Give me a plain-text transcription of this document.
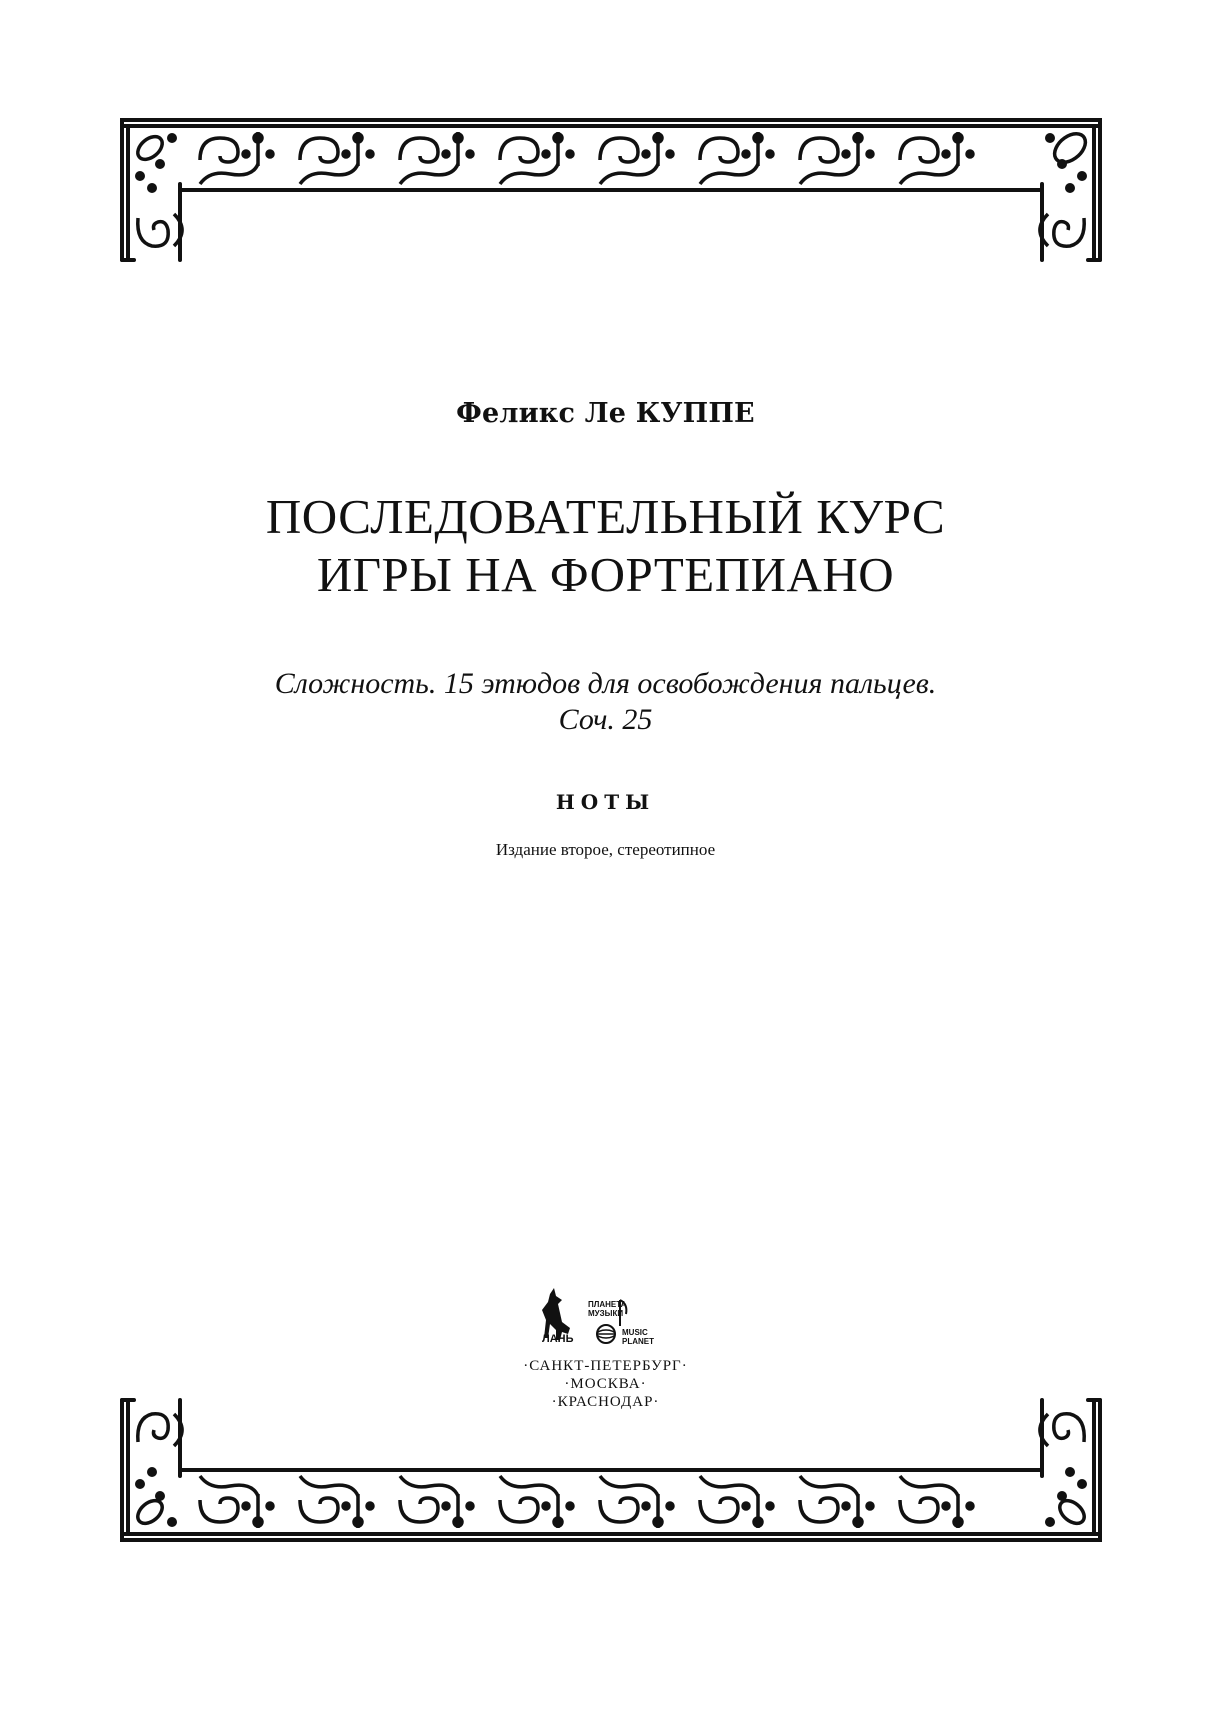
Феликс Ле КУППЕ
ПОСЛЕДОВАТЕЛЬНЫЙ КУРС
ИГРЫ НА ФОРТЕПИАНО
Сложность. 15 этюдов для освобождения пальцев.
Соч. 25
НОТЫ
Издание второе, стереотипное
ЛАНЬ
ПЛАНЕТА
МУЗЫКИ
MUSIC
PLANET
·САНКТ-ПЕТЕРБУРГ·
·МОСКВА·
·КРАСНОДАР·
